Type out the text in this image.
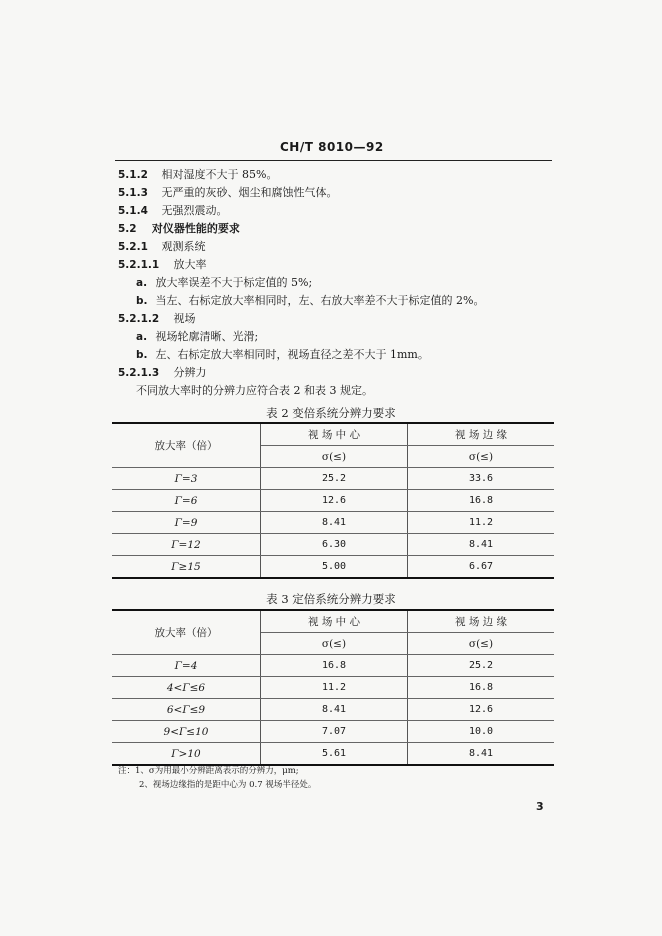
CH/T 8010—92
5.1.2 相对湿度不大于 85%。
5.1.3 无严重的灰砂、烟尘和腐蚀性气体。
5.1.4 无强烈震动。
5.2 对仪器性能的要求
5.2.1 观测系统
5.2.1.1 放大率
a. 放大率误差不大于标定值的 5%;
b. 当左、右标定放大率相同时，左、右放大率差不大于标定值的 2%。
5.2.1.2 视场
a. 视场轮廓清晰、光滑;
b. 左、右标定放大率相同时，视场直径之差不大于 1mm。
5.2.1.3 分辨力
不同放大率时的分辨力应符合表 2 和表 3 规定。
表 2 变倍系统分辨力要求
放大率（倍）	视 场 中 心	视 场 边 缘
	σ(≤)	σ(≤)
Γ=3	25.2	33.6
Γ=6	12.6	16.8
Γ=9	8.41	11.2
Γ=12	6.30	8.41
Γ≥15	5.00	6.67
表 3 定倍系统分辨力要求
放大率（倍）	视 场 中 心	视 场 边 缘
	σ(≤)	σ(≤)
Γ=4	16.8	25.2
4<Γ≤6	11.2	16.8
6<Γ≤9	8.41	12.6
9<Γ≤10	7.07	10.0
Γ>10	5.61	8.41
注：1、σ为用最小分辨距离表示的分辨力，μm;
2、视场边缘指的是距中心为 0.7 视场半径处。
3
